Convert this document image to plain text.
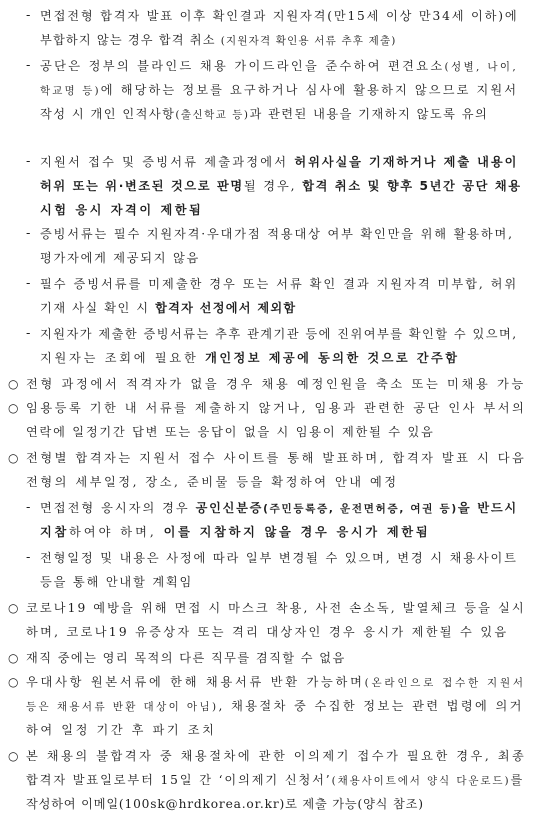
- 면접전형 합격자 발표 이후 확인결과 지원자격(만15세 이상 만34세 이하)에
부합하지 않는 경우 합격 취소 (지원자격 확인용 서류 추후 제출)
- 공단은 정부의 블라인드 채용 가이드라인을 준수하여 편견요소(성별, 나이,
학교명 등)에 해당하는 정보를 요구하거나 심사에 활용하지 않으므로 지원서
작성 시 개인 인적사항(출신학교 등)과 관련된 내용을 기재하지 않도록 유의
- 지원서 접수 및 증빙서류 제출과정에서 허위사실을 기재하거나 제출 내용이
허위 또는 위·변조된 것으로 판명될 경우, 합격 취소 및 향후 5년간 공단 채용
시험 응시 자격이 제한됨
- 증빙서류는 필수 지원자격·우대가점 적용대상 여부 확인만을 위해 활용하며,
평가자에게 제공되지 않음
- 필수 증빙서류를 미제출한 경우 또는 서류 확인 결과 지원자격 미부합, 허위
기재 사실 확인 시 합격자 선정에서 제외함
- 지원자가 제출한 증빙서류는 추후 관계기관 등에 진위여부를 확인할 수 있으며,
지원자는 조회에 필요한 개인정보 제공에 동의한 것으로 간주함
○ 전형 과정에서 적격자가 없을 경우 채용 예정인원을 축소 또는 미채용 가능
○ 임용등록 기한 내 서류를 제출하지 않거나, 임용과 관련한 공단 인사 부서의
연락에 일정기간 답변 또는 응답이 없을 시 임용이 제한될 수 있음
○ 전형별 합격자는 지원서 접수 사이트를 통해 발표하며, 합격자 발표 시 다음
전형의 세부일정, 장소, 준비물 등을 확정하여 안내 예정
- 면접전형 응시자의 경우 공인신분증(주민등록증, 운전면허증, 여권 등)을 반드시
지참하여야 하며, 이를 지참하지 않을 경우 응시가 제한됨
- 전형일정 및 내용은 사정에 따라 일부 변경될 수 있으며, 변경 시 채용사이트
등을 통해 안내할 계획임
○ 코로나19 예방을 위해 면접 시 마스크 착용, 사전 손소독, 발열체크 등을 실시
하며, 코로나19 유증상자 또는 격리 대상자인 경우 응시가 제한될 수 있음
○ 재직 중에는 영리 목적의 다른 직무를 겸직할 수 없음
○ 우대사항 원본서류에 한해 채용서류 반환 가능하며(온라인으로 접수한 지원서
등은 채용서류 반환 대상이 아님), 채용절차 중 수집한 정보는 관련 법령에 의거
하여 일정 기간 후 파기 조치
○ 본 채용의 불합격자 중 채용절차에 관한 이의제기 접수가 필요한 경우, 최종
합격자 발표일로부터 15일 간 ‘이의제기 신청서’(채용사이트에서 양식 다운로드)를
작성하여 이메일(100sk@hrdkorea.or.kr)로 제출 가능(양식 참조)
